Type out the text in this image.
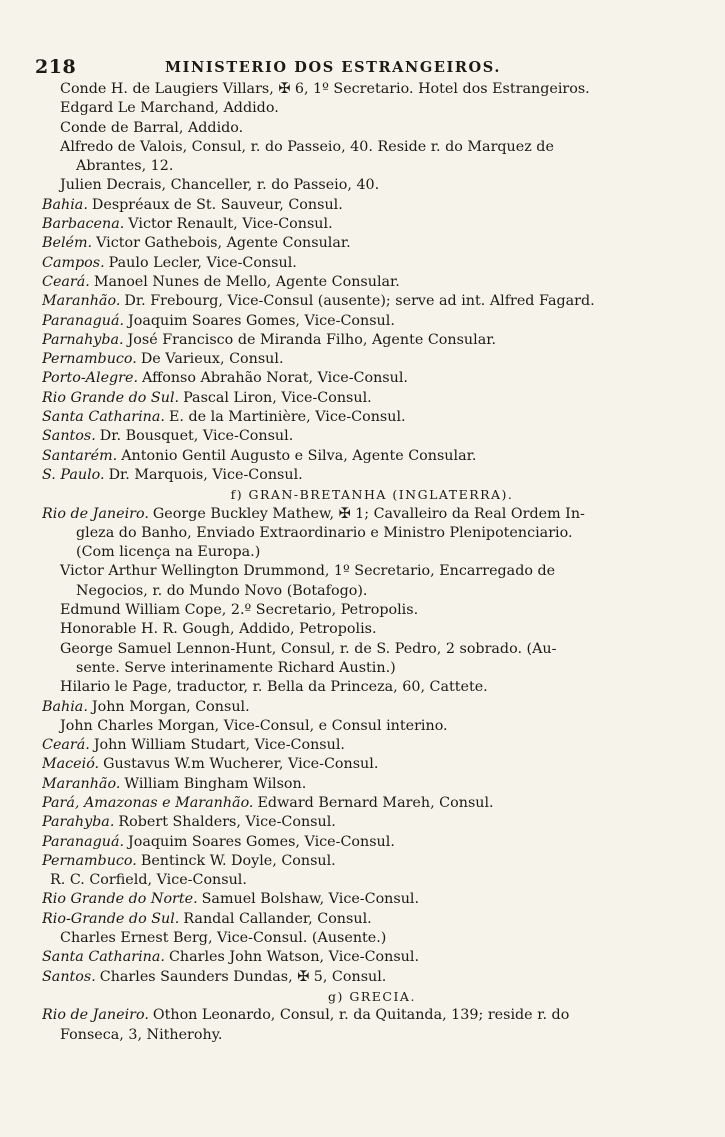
218	MINISTERIO DOS ESTRANGEIROS.
Conde H. de Laugiers Villars, ✠ 6, 1º Secretario. Hotel dos Estrangeiros.
Edgard Le Marchand, Addido.
Conde de Barral, Addido.
Alfredo de Valois, Consul, r. do Passeio, 40. Reside r. do Marquez de
Abrantes, 12.
Julien Decrais, Chanceller, r. do Passeio, 40.
Bahia. Despréaux de St. Sauveur, Consul.
Barbacena. Victor Renault, Vice-Consul.
Belém. Victor Gathebois, Agente Consular.
Campos. Paulo Lecler, Vice-Consul.
Ceará. Manoel Nunes de Mello, Agente Consular.
Maranhão. Dr. Frebourg, Vice-Consul (ausente); serve ad int. Alfred Fagard.
Paranaguá. Joaquim Soares Gomes, Vice-Consul.
Parnahyba. José Francisco de Miranda Filho, Agente Consular.
Pernambuco. De Varieux, Consul.
Porto-Alegre. Affonso Abrahão Norat, Vice-Consul.
Rio Grande do Sul. Pascal Liron, Vice-Consul.
Santa Catharina. E. de la Martinière, Vice-Consul.
Santos. Dr. Bousquet, Vice-Consul.
Santarém. Antonio Gentil Augusto e Silva, Agente Consular.
S. Paulo. Dr. Marquois, Vice-Consul.
f) GRAN-BRETANHA (INGLATERRA).
Rio de Janeiro. George Buckley Mathew, ✠ 1; Cavalleiro da Real Ordem In-
gleza do Banho, Enviado Extraordinario e Ministro Plenipotenciario.
(Com licença na Europa.)
Victor Arthur Wellington Drummond, 1º Secretario, Encarregado de
Negocios, r. do Mundo Novo (Botafogo).
Edmund William Cope, 2.º Secretario, Petropolis.
Honorable H. R. Gough, Addido, Petropolis.
George Samuel Lennon-Hunt, Consul, r. de S. Pedro, 2 sobrado. (Au-
sente. Serve interinamente Richard Austin.)
Hilario le Page, traductor, r. Bella da Princeza, 60, Cattete.
Bahia. John Morgan, Consul.
John Charles Morgan, Vice-Consul, e Consul interino.
Ceará. John William Studart, Vice-Consul.
Maceió. Gustavus W.m Wucherer, Vice-Consul.
Maranhão. William Bingham Wilson.
Pará, Amazonas e Maranhão. Edward Bernard Mareh, Consul.
Parahyba. Robert Shalders, Vice-Consul.
Paranaguá. Joaquim Soares Gomes, Vice-Consul.
Pernambuco. Bentinck W. Doyle, Consul.
R. C. Corfield, Vice-Consul.
Rio Grande do Norte. Samuel Bolshaw, Vice-Consul.
Rio-Grande do Sul. Randal Callander, Consul.
Charles Ernest Berg, Vice-Consul. (Ausente.)
Santa Catharina. Charles John Watson, Vice-Consul.
Santos. Charles Saunders Dundas, ✠ 5, Consul.
g) GRECIA.
Rio de Janeiro. Othon Leonardo, Consul, r. da Quitanda, 139; reside r. do
Fonseca, 3, Nitherohy.
